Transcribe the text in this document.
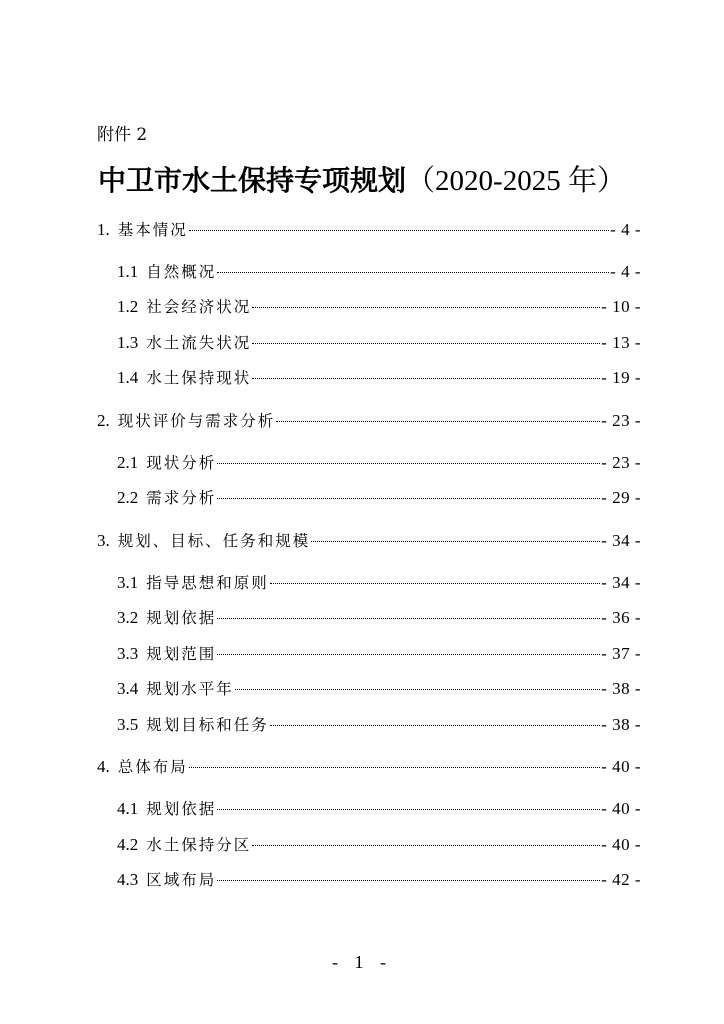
附件 2
中卫市水土保持专项规划（2020-2025 年）
1. 基本情况	- 4 -
1.1 自然概况	- 4 -
1.2 社会经济状况	- 10 -
1.3 水土流失状况	- 13 -
1.4 水土保持现状	- 19 -
2. 现状评价与需求分析	- 23 -
2.1 现状分析	- 23 -
2.2 需求分析	- 29 -
3. 规划、目标、任务和规模	- 34 -
3.1 指导思想和原则	- 34 -
3.2 规划依据	- 36 -
3.3 规划范围	- 37 -
3.4 规划水平年	- 38 -
3.5 规划目标和任务	- 38 -
4. 总体布局	- 40 -
4.1 规划依据	- 40 -
4.2 水土保持分区	- 40 -
4.3 区域布局	- 42 -
- 1 -
